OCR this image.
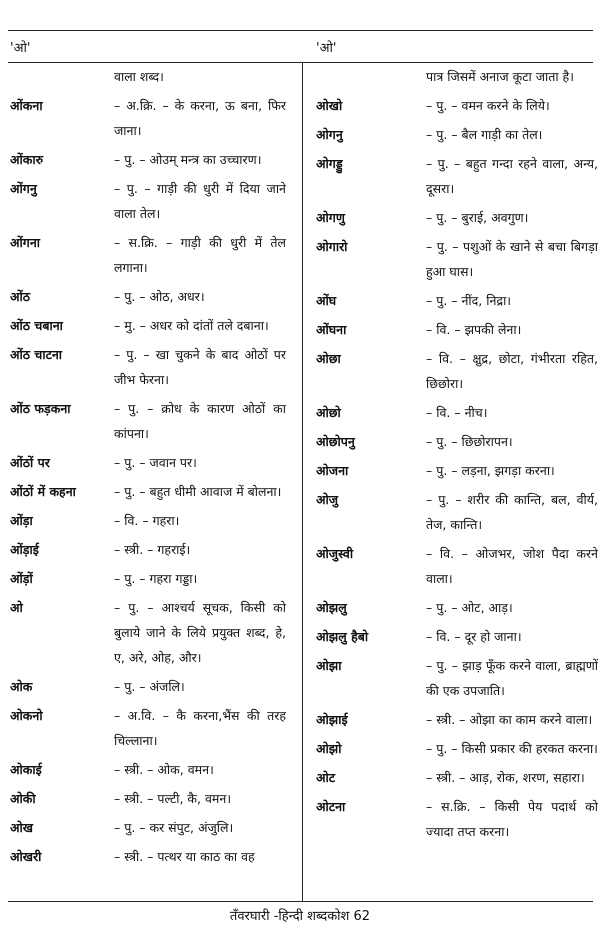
'ओ'	'ओ'
वाला शब्द।
ओंकना	– अ.क्रि. – के करना, ऊ बना, फिर जाना।
ओंकारु	– पु. – ओउम् मन्त्र का उच्चारण।
ओंगनु	– पु. – गाड़ी की धुरी में दिया जाने वाला तेल।
ओंगना	– स.क्रि. – गाड़ी की धुरी में तेल लगाना।
ओंठ	– पु. – ओठ, अधर।
ओंठ चबाना	– मु. – अधर को दांतों तले दबाना।
ओंठ चाटना	– पु. – खा चुकने के बाद ओठों पर जीभ फेरना।
ओंठ फड़कना	– पु. – क्रोध के कारण ओठों का कांपना।
ओंठों पर	– पु. – जवान पर।
ओंठों में कहना	– पु. – बहुत धीमी आवाज में बोलना।
ओंड़ा	– वि. – गहरा।
ओंड़ाई	– स्त्री. – गहराई।
ओंड़ों	– पु. – गहरा गड्डा।
ओ	– पु. – आश्चर्य सूचक, किसी को बुलाये जाने के लिये प्रयुक्त शब्द, हे, ए, अरे, ओह, और।
ओक	– पु. – अंजलि।
ओकनो	– अ.वि. – कै करना,भैंस की तरह चिल्लाना।
ओकाई	– स्त्री. – ओक, वमन।
ओकी	– स्त्री. – पल्टी, कै, वमन।
ओख	– पु. – कर संपुट, अंजुलि।
ओखरी	– स्त्री. – पत्थर या काठ का वह
पात्र जिसमें अनाज कूटा जाता है।
ओखो	– पु. – वमन करने के लिये।
ओगनु	– पु. – बैल गाड़ी का तेल।
ओगड्डु	– पु. – बहुत गन्दा रहने वाला, अन्य, दूसरा।
ओगणु	– पु. – बुराई, अवगुण।
ओगारो	– पु. – पशुओं के खाने से बचा बिगड़ा हुआ घास।
ओंघ	– पु. – नींद, निद्रा।
ओंघना	– वि. – झपकी लेना।
ओछा	– वि. – क्षुद्र, छोटा, गंभीरता रहित, छिछोरा।
ओछो	– वि. – नीच।
ओछोपनु	– पु. – छिछोरापन।
ओजना	– पु. – लड़ना, झगड़ा करना।
ओजु	– पु. – शरीर की कान्ति, बल, वीर्य, तेज, कान्ति।
ओजुस्वी	– वि. – ओजभर, जोश पैदा करने वाला।
ओझलु	– पु. – ओट, आड़।
ओझलु हैबो	– वि. – दूर हो जाना।
ओझा	– पु. – झाड़ फूँक करने वाला, ब्राह्मणों की एक उपजाति।
ओझाई	– स्त्री. – ओझा का काम करने वाला।
ओझो	– पु. – किसी प्रकार की हरकत करना।
ओट	– स्त्री. – आड़, रोक, शरण, सहारा।
ओटना	– स.क्रि. – किसी पेय पदार्थ को ज्यादा तप्त करना।
तँवरघारी -हिन्दी शब्दकोश 62
